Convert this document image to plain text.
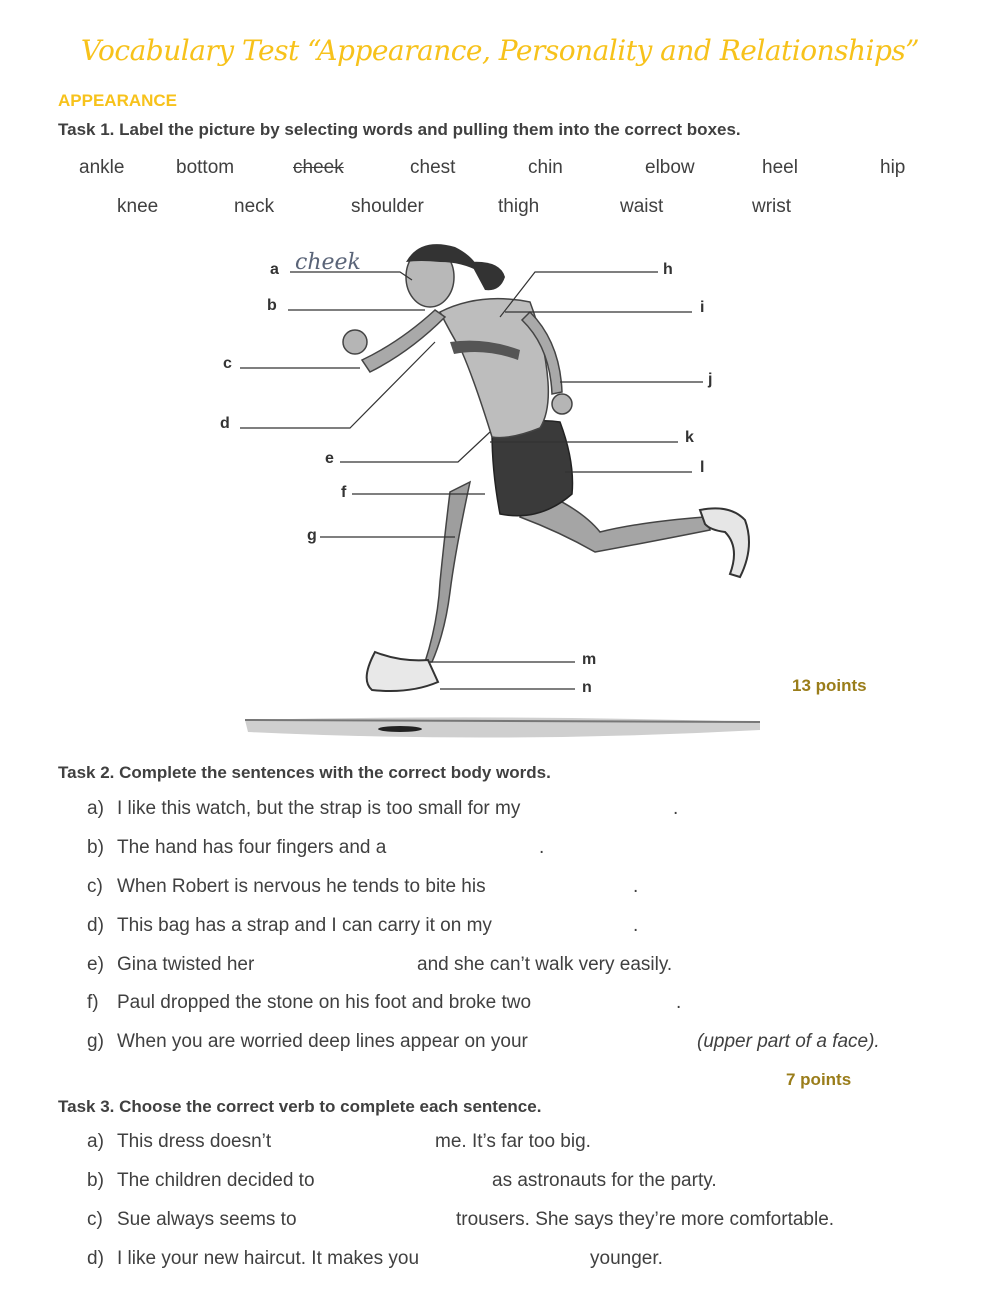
Vocabulary Test “Appearance, Personality and Relationships”
APPEARANCE
Task 1. Label the picture by selecting words and pulling them into the correct boxes.
ankle	bottom	cheek	chest	chin	elbow	heel	hip
knee	neck	shoulder	thigh	waist	wrist
a cheek
b
c
d
e
f
g
h
i
j
k
l
m
n	13 points
Task 2. Complete the sentences with the correct body words.
a) I like this watch, but the strap is too small for my	.
b) The hand has four fingers and a	.
c) When Robert is nervous he tends to bite his	.
d) This bag has a strap and I can carry it on my	.
e) Gina twisted her	and she can’t walk very easily.
f) Paul dropped the stone on his foot and broke two	.
g) When you are worried deep lines appear on your	(upper part of a face).
7 points
Task 3. Choose the correct verb to complete each sentence.
a) This dress doesn’t	me. It’s far too big.
b) The children decided to	as astronauts for the party.
c) Sue always seems to	trousers. She says they’re more comfortable.
d) I like your new haircut. It makes you	younger.
